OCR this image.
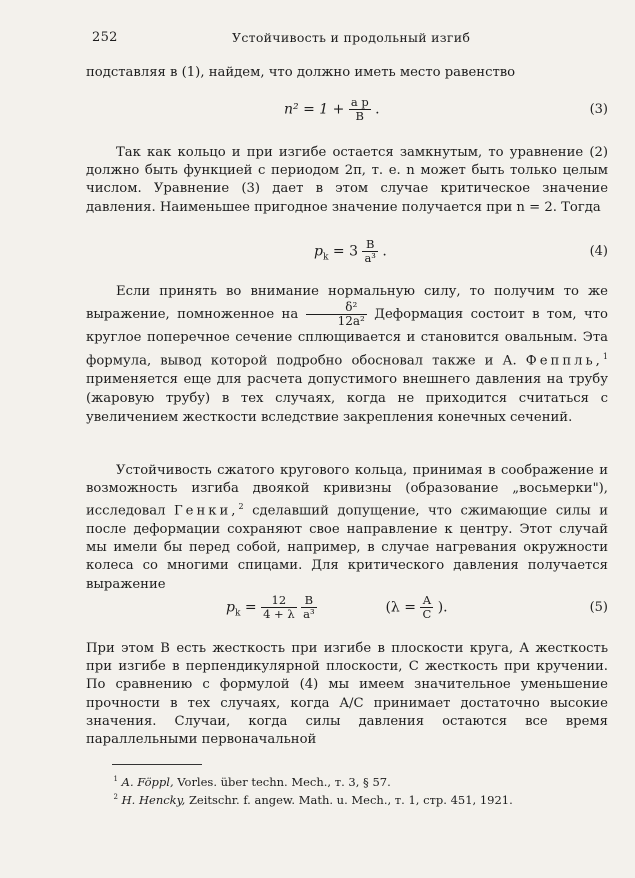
252	Устойчивость и продольный изгиб

подставляя в (1), найдем, что должно иметь место равенство

$n^2 = 1 + \frac{\text{a p}}{B}$ .	(3)

Так как кольцо и при изгибе остается замкнутым, то уравнение (2) должно быть функцией с периодом 2π, т. е. n может быть только целым числом. Уравнение (3) дает в этом случае критическое значение давления. Наименьшее пригодное значение получается при n = 2. Тогда

$p_k = 3 \frac{B}{\text{a³}}$ .	(4)

Если принять во внимание нормальную силу, то получим то же выражение, помноженное на $\frac{\text{δ²}}{\text{12a²}}$ Деформация состоит в том, что круглое поперечное сечение сплющивается и становится овальным. Эта формула, вывод которой подробно обосновал также и А. Феппль,$^1$ применяется еще для расчета допустимого внешнего давления на трубу (жаровую трубу) в тех случаях, когда не приходится считаться с увеличением жесткости вследствие закрепления конечных сечений.

Устойчивость сжатого кругового кольца, принимая в соображение и возможность изгиба двоякой кривизны (образование „восьмерки"), исследовал Генки,$^2$ сделавший допущение, что сжимающие силы и после деформации сохраняют свое направление к центру. Этот случай мы имели бы перед собой, например, в случае нагревания окружности колеса со многими спицами. Для критического давления получается выражение

$p_k = \frac{12}{4 + \lambda}$
$\frac{B}{\text{a³}}$	($\lambda = \frac{A}{C}$ ).	(5)

При этом B есть жесткость при изгибе в плоскости круга, A жесткость при изгибе в перпендикулярной плоскости, C жесткость при кручении. По сравнению с формулой (4) мы имеем значительное уменьшение прочности в тех случаях, когда A/C принимает достаточно высокие значения. Случаи, когда силы давления остаются все время параллельными первоначальной

$^1$ A. Föppl, Vorles. über techn. Mech., т. 3, § 57.
$^2$ H. Hencky, Zeitschr. f. angew. Math. u. Mech., т. 1, стр. 451, 1921.
